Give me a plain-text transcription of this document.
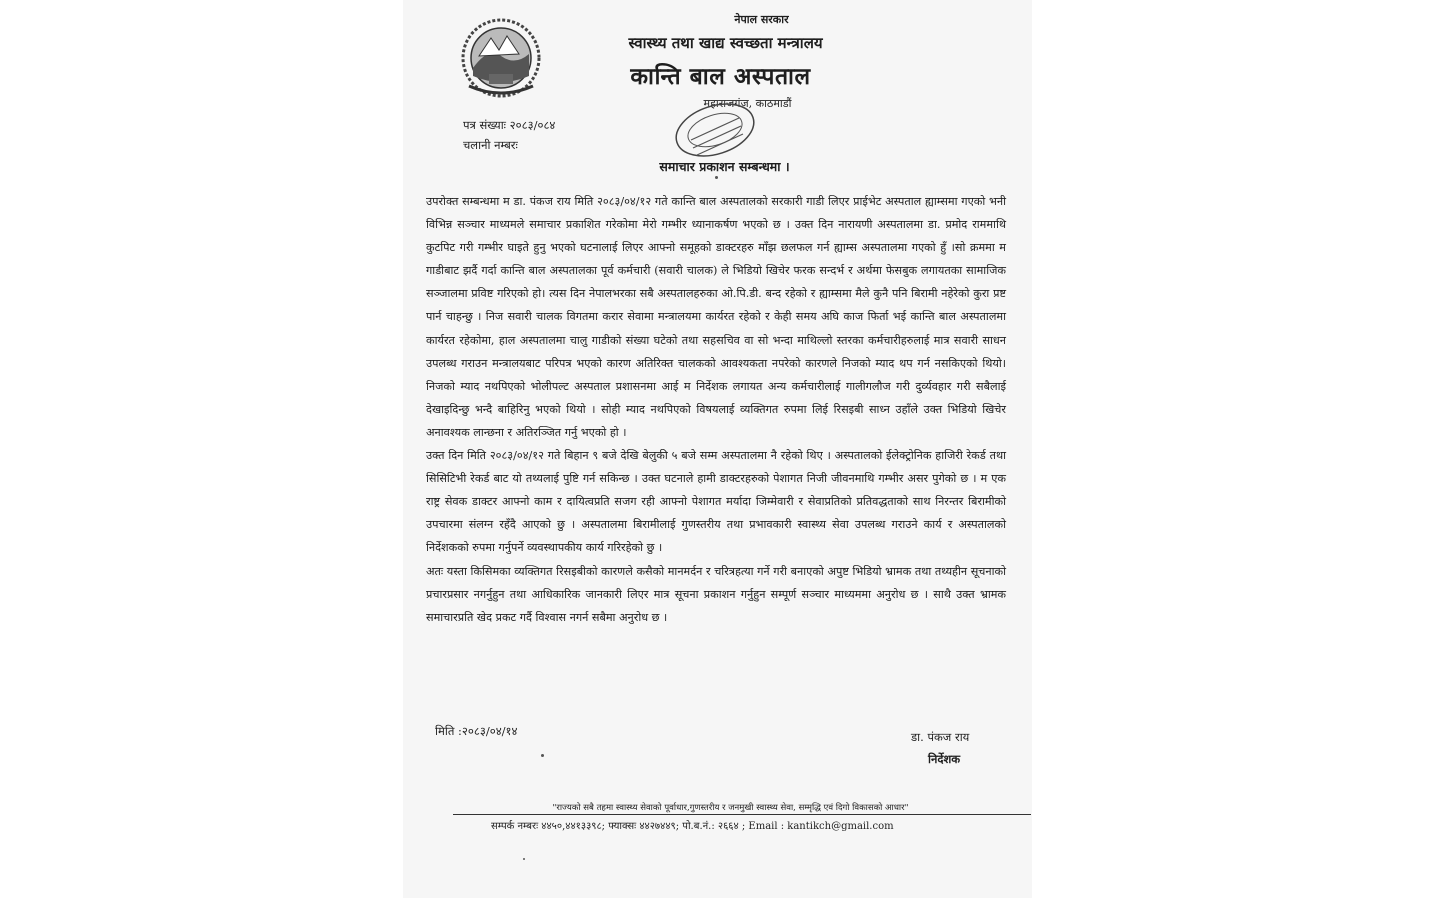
नेपाल सरकार
स्वास्थ्य तथा खाद्य स्वच्छता मन्त्रालय
कान्ति बाल अस्पताल
महाराजगंज, काठमाडौं
पत्र संख्याः २०८३/०८४
चलानी नम्बरः
समाचार प्रकाशन सम्बन्धमा ।

उपरोक्त सम्बन्धमा म डा. पंकज राय मिति २०८३/०४/१२ गते कान्ति बाल अस्पतालको सरकारी गाडी लिएर प्राईभेट अस्पताल ह्याम्समा गएको भनी विभिन्न सञ्चार माध्यमले समाचार प्रकाशित गरेकोमा मेरो गम्भीर ध्यानाकर्षण भएको छ । उक्त दिन नारायणी अस्पतालमा डा. प्रमोद राममाथि कुटपिट गरी गम्भीर घाइते हुनु भएको घटनालाई लिएर आफ्नो समूहको डाक्टरहरु माँझ छलफल गर्न ह्याम्स अस्पतालमा गएको हुँ ।सो क्रममा म गाडीबाट झर्दै गर्दा कान्ति बाल अस्पतालका पूर्व कर्मचारी (सवारी चालक) ले भिडियो खिचेर फरक सन्दर्भ र अर्थमा फेसबुक लगायतका सामाजिक सञ्जालमा प्रविष्ट गरिएको हो। त्यस दिन नेपालभरका सबै अस्पतालहरुका ओ.पि.डी. बन्द रहेको र ह्याम्समा मैले कुनै पनि बिरामी नहेरेको कुरा प्रष्ट पार्न चाहन्छु । निज सवारी चालक विगतमा करार सेवामा मन्त्रालयमा कार्यरत रहेको र केही समय अघि काज फिर्ता भई कान्ति बाल अस्पतालमा कार्यरत रहेकोमा, हाल अस्पतालमा चालु गाडीको संख्या घटेको तथा सहसचिव वा सो भन्दा माथिल्लो स्तरका कर्मचारीहरुलाई मात्र सवारी साधन उपलब्ध गराउन मन्त्रालयबाट परिपत्र भएको कारण अतिरिक्त चालकको आवश्यकता नपरेको कारणले निजको म्याद थप गर्न नसकिएको थियो। निजको म्याद नथपिएको भोलीपल्ट अस्पताल प्रशासनमा आई म निर्देशक लगायत अन्य कर्मचारीलाई गालीगलौज गरी दुर्व्यवहार गरी सबैलाई देखाइदिन्छु भन्दै बाहिरिनु भएको थियो । सोही म्याद नथपिएको विषयलाई व्यक्तिगत रुपमा लिई रिसइबी साध्न उहाँले उक्त भिडियो खिचेर अनावश्यक लान्छना र अतिरञ्जित गर्नु भएको हो ।

उक्त दिन मिति २०८३/०४/१२ गते बिहान ९ बजे देखि बेलुकी ५ बजे सम्म अस्पतालमा नै रहेको थिए । अस्पतालको ईलेक्ट्रोनिक हाजिरी रेकर्ड तथा सिसिटिभी रेकर्ड बाट यो तथ्यलाई पुष्टि गर्न सकिन्छ । उक्त घटनाले हामी डाक्टरहरुको पेशागत निजी जीवनमाथि गम्भीर असर पुगेको छ । म एक राष्ट्र सेवक डाक्टर आफ्नो काम र दायित्वप्रति सजग रही आफ्नो पेशागत मर्यादा जिम्मेवारी र सेवाप्रतिको प्रतिवद्धताको साथ निरन्तर बिरामीको उपचारमा संलग्न रहँदै आएको छु । अस्पतालमा बिरामीलाई गुणस्तरीय तथा प्रभावकारी स्वास्थ्य सेवा उपलब्ध गराउने कार्य र अस्पतालको निर्देशकको रुपमा गर्नुपर्ने व्यवस्थापकीय कार्य गरिरहेको छु ।

अतः यस्ता किसिमका व्यक्तिगत रिसइबीको कारणले कसैको मानमर्दन र चरित्रहत्या गर्ने गरी बनाएको अपुष्ट भिडियो भ्रामक तथा तथ्यहीन सूचनाको प्रचारप्रसार नगर्नुहुन तथा आधिकारिक जानकारी लिएर मात्र सूचना प्रकाशन गर्नुहुन सम्पूर्ण सञ्चार माध्यममा अनुरोध छ । साथै उक्त भ्रामक समाचारप्रति खेद प्रकट गर्दै विश्वास नगर्न सबैमा अनुरोध छ ।

मिति :२०८३/०४/१४	डा. पंकज राय
निर्देशक
"राज्यको सबै तहमा स्वास्थ्य सेवाको पूर्वाधार,गुणस्तरीय र जनमुखी स्वास्थ्य सेवा, सम्मृद्धि एवं दिगो विकासको आधार"
सम्पर्क नम्बरः ४४५०,४४१३३९८; फ्याक्सः ४४२७४४९; पो.ब.नं.: २६६४ ; Email : kantikch@gmail.com
